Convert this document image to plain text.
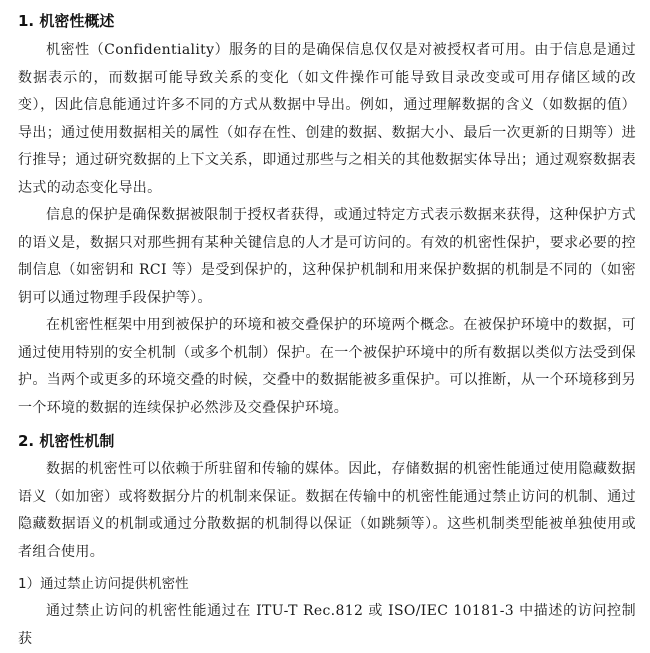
1. 机密性概述

机密性（Confidentiality）服务的目的是确保信息仅仅是对被授权者可用。由于信息是通过数据表示的，而数据可能导致关系的变化（如文件操作可能导致目录改变或可用存储区域的改变），因此信息能通过许多不同的方式从数据中导出。例如，通过理解数据的含义（如数据的值）导出；通过使用数据相关的属性（如存在性、创建的数据、数据大小、最后一次更新的日期等）进行推导；通过研究数据的上下文关系，即通过那些与之相关的其他数据实体导出；通过观察数据表达式的动态变化导出。

信息的保护是确保数据被限制于授权者获得，或通过特定方式表示数据来获得，这种保护方式的语义是，数据只对那些拥有某种关键信息的人才是可访问的。有效的机密性保护，要求必要的控制信息（如密钥和 RCI 等）是受到保护的，这种保护机制和用来保护数据的机制是不同的（如密钥可以通过物理手段保护等）。

在机密性框架中用到被保护的环境和被交叠保护的环境两个概念。在被保护环境中的数据，可通过使用特别的安全机制（或多个机制）保护。在一个被保护环境中的所有数据以类似方法受到保护。当两个或更多的环境交叠的时候，交叠中的数据能被多重保护。可以推断，从一个环境移到另一个环境的数据的连续保护必然涉及交叠保护环境。

2. 机密性机制

数据的机密性可以依赖于所驻留和传输的媒体。因此，存储数据的机密性能通过使用隐藏数据语义（如加密）或将数据分片的机制来保证。数据在传输中的机密性能通过禁止访问的机制、通过隐藏数据语义的机制或通过分散数据的机制得以保证（如跳频等）。这些机制类型能被单独使用或者组合使用。

1）通过禁止访问提供机密性

通过禁止访问的机密性能通过在 ITU-T Rec.812 或 ISO/IEC 10181-3 中描述的访问控制获
